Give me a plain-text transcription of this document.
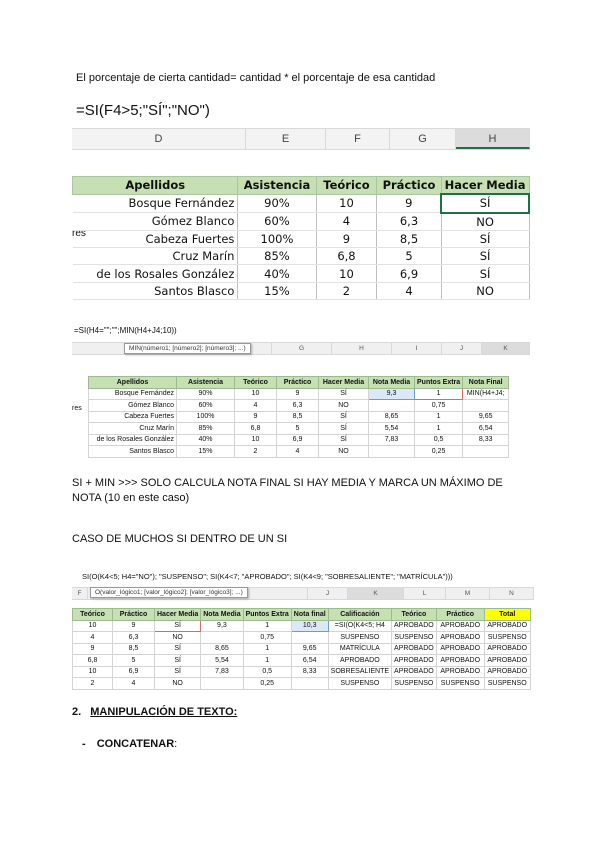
El porcentaje de cierta cantidad= cantidad * el porcentaje de esa cantidad
=SI(F4>5;"SÍ";"NO")
D	E	F	G	H
res
Apellidos	Asistencia	Teórico	Práctico	Hacer Media
Bosque Fernández	90%	10	9	SÍ
Gómez Blanco	60%	4	6,3	NO
Cabeza Fuertes	100%	9	8,5	SÍ
Cruz Marín	85%	6,8	5	SÍ
de los Rosales González	40%	10	6,9	SÍ
Santos Blasco	15%	2	4	NO
=SI(H4="";"";MIN(H4+J4;10))
G	H	I	J	K
MIN(número1; [número2]; [número3]; ...)
res
Apellidos	Asistencia	Teórico	Práctico	Hacer Media	Nota Media	Puntos Extra	Nota Final
Bosque Fernández	90%	10	9	SÍ	9,3	1	MIN(H4+J4;
Gómez Blanco	60%	4	6,3	NO		0,75	
Cabeza Fuertes	100%	9	8,5	SÍ	8,65	1	9,65
Cruz Marín	85%	6,8	5	SÍ	5,54	1	6,54
de los Rosales González	40%	10	6,9	SÍ	7,83	0,5	8,33
Santos Blasco	15%	2	4	NO		0,25	
SI + MIN >>> SOLO CALCULA NOTA FINAL SI HAY MEDIA Y MARCA UN MÁXIMO DE NOTA (10 en este caso)
CASO DE MUCHOS SI DENTRO DE UN SI
SI(O(K4<5; H4="NO"); "SUSPENSO"; SI(K4<7; "APROBADO"; SI(K4<9; "SOBRESALIENTE"; "MATRÍCULA")))
F	J	K	L	M	N
O(valor_lógico1; [valor_lógico2]; [valor_lógico3]; ...)
Teórico	Práctico	Hacer Media	Nota Media	Puntos Extra	Nota final	Calificación	Teórico	Práctico	Total
10	9	SÍ	9,3	1	10,3	=SI(O(K4<5; H4	APROBADO	APROBADO	APROBADO
4	6,3	NO		0,75		SUSPENSO	SUSPENSO	APROBADO	SUSPENSO
9	8,5	SÍ	8,65	1	9,65	MATRÍCULA	APROBADO	APROBADO	APROBADO
6,8	5	SÍ	5,54	1	6,54	APROBADO	APROBADO	APROBADO	APROBADO
10	6,9	SÍ	7,83	0,5	8,33	SOBRESALIENTE	APROBADO	APROBADO	APROBADO
2	4	NO		0,25		SUSPENSO	SUSPENSO	SUSPENSO	SUSPENSO
2. MANIPULACIÓN DE TEXTO:
- CONCATENAR:
